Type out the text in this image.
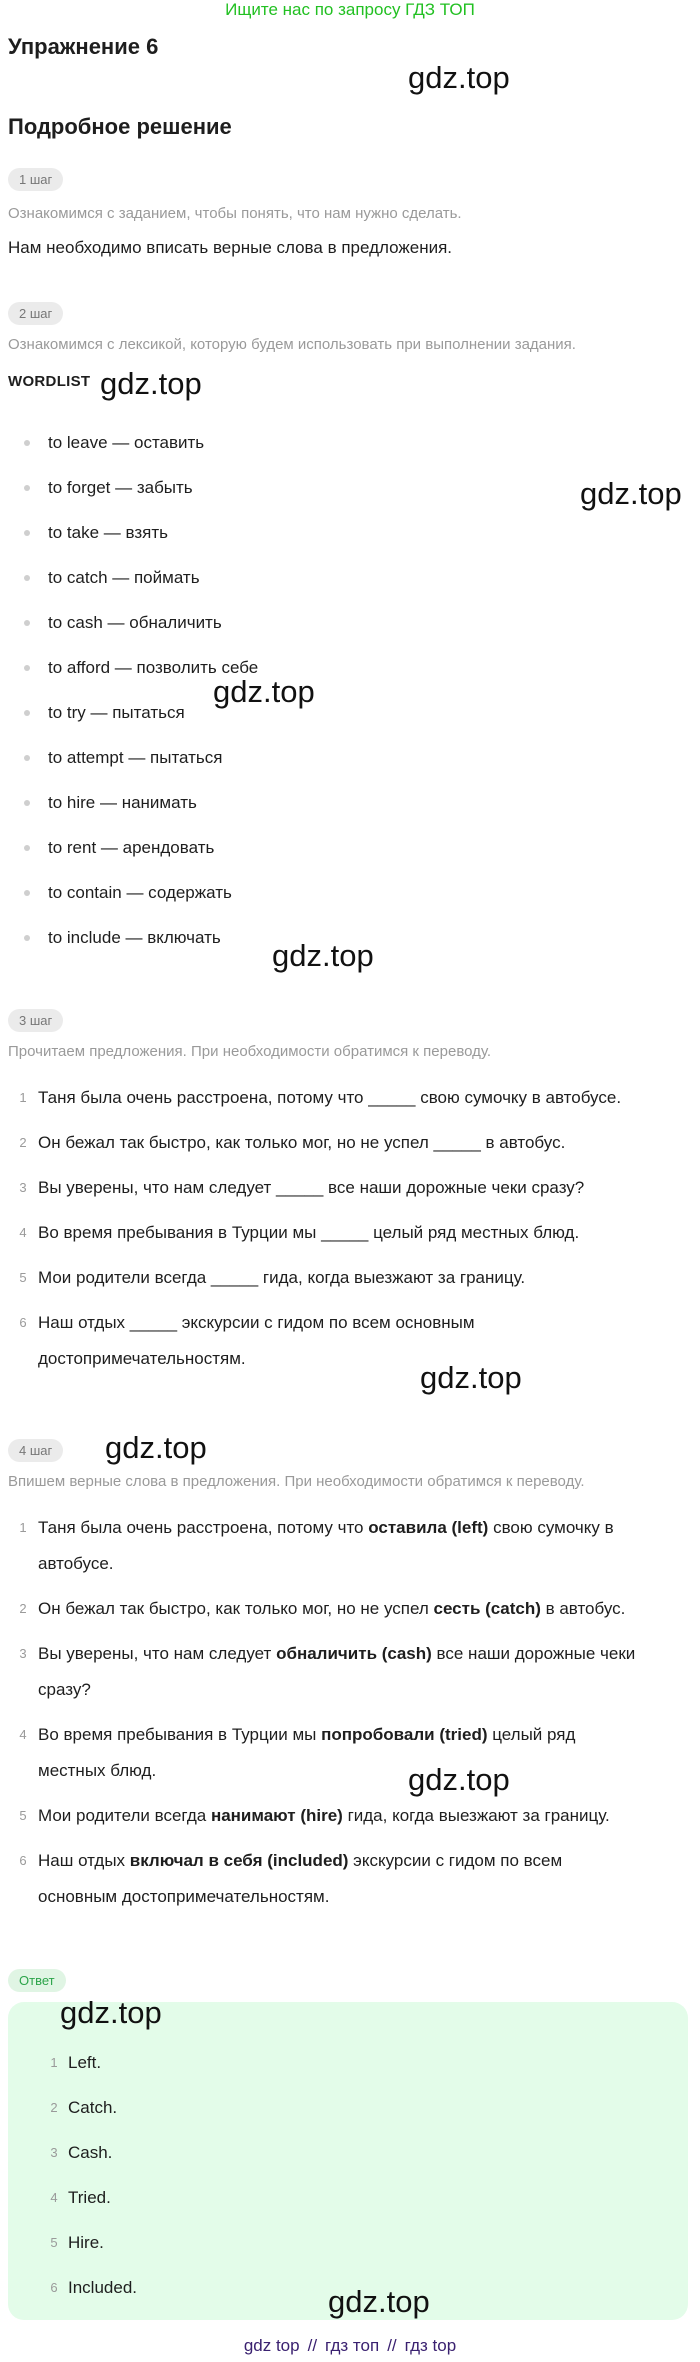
Ищите нас по запросу ГДЗ ТОП
Упражнение 6
gdz.top
Подробное решение
1 шаг
Ознакомимся с заданием, чтобы понять, что нам нужно сделать.
Нам необходимо вписать верные слова в предложения.
2 шаг
Ознакомимся с лексикой, которую будем использовать при выполнении задания.
WORDLIST gdz.top
gdz.top
to leave — оставить
to forget — забыть
to take — взять
to catch — поймать
to cash — обналичить
to afford — позволить себе
to try — пытаться
to attempt — пытаться
to hire — нанимать
to rent — арендовать
to contain — содержать
to include — включать
gdz.top
gdz.top
3 шаг
Прочитаем предложения. При необходимости обратимся к переводу.
1 Таня была очень расстроена, потому что _____ свою сумочку в автобусе.
2 Он бежал так быстро, как только мог, но не успел _____ в автобус.
3 Вы уверены, что нам следует _____ все наши дорожные чеки сразу?
4 Во время пребывания в Турции мы _____ целый ряд местных блюд.
5 Мои родители всегда _____ гида, когда выезжают за границу.
6 Наш отдых _____ экскурсии с гидом по всем основным
достопримечательностям.
gdz.top
4 шаг	gdz.top
Впишем верные слова в предложения. При необходимости обратимся к переводу.
1 Таня была очень расстроена, потому что оставила (left) свою сумочку в
автобусе.
2 Он бежал так быстро, как только мог, но не успел сесть (catch) в автобус.
3 Вы уверены, что нам следует обналичить (cash) все наши дорожные чеки
сразу?
4 Во время пребывания в Турции мы попробовали (tried) целый ряд
местных блюд.
5 Мои родители всегда нанимают (hire) гида, когда выезжают за границу.
6 Наш отдых включал в себя (included) экскурсии с гидом по всем
основным достопримечательностям.
gdz.top
Ответ
gdz.top
1 Left.
2 Catch.
3 Cash.
4 Tried.
5 Hire.
6 Included.	gdz.top
gdz top // гдз топ // гдз top
